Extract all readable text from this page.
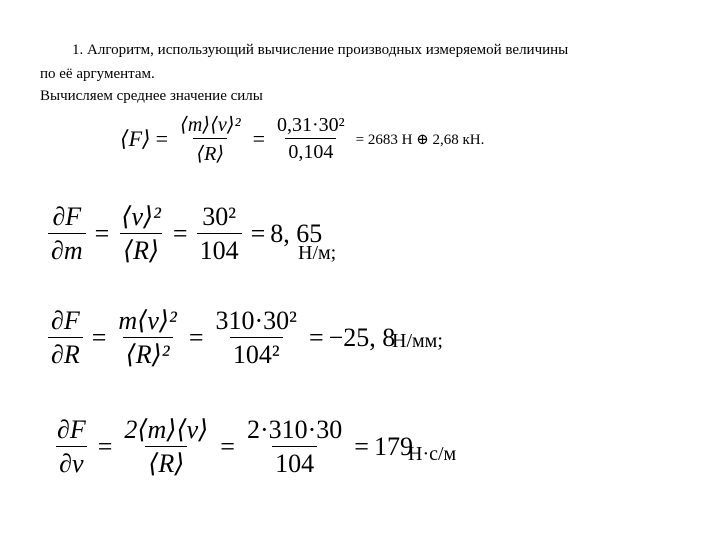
1. Алгоритм, использующий вычисление производных измеряемой величины
по её аргументам.
Вычисляем среднее значение силы
⟨F⟩ = $\frac{\text{⟨m⟩⟨v⟩²}}{⟨R⟩} = \frac{\text{0,31·30²}}{0,104} = 2683$ Н ⊕ 2,68 кН.
$\frac{\partial F}{\partial m} = \frac{\text{⟨v⟩²}}{⟨R⟩} = \frac{\text{30²}}{104} = 8$, 65
Н/м;
$\frac{\partial F}{\partial R} = \frac{\text{m⟨v⟩²}}{\text{⟨R⟩²}} = \frac{\text{310·30²}}{\text{104²}} = -25$, 8
Н/мм;
$\frac{\partial F}{\partial v} = \frac{2⟨m⟩⟨v⟩}{⟨R⟩} = \frac{2\cdot 310\cdot 30}{104} = 179$
Н·с/м
